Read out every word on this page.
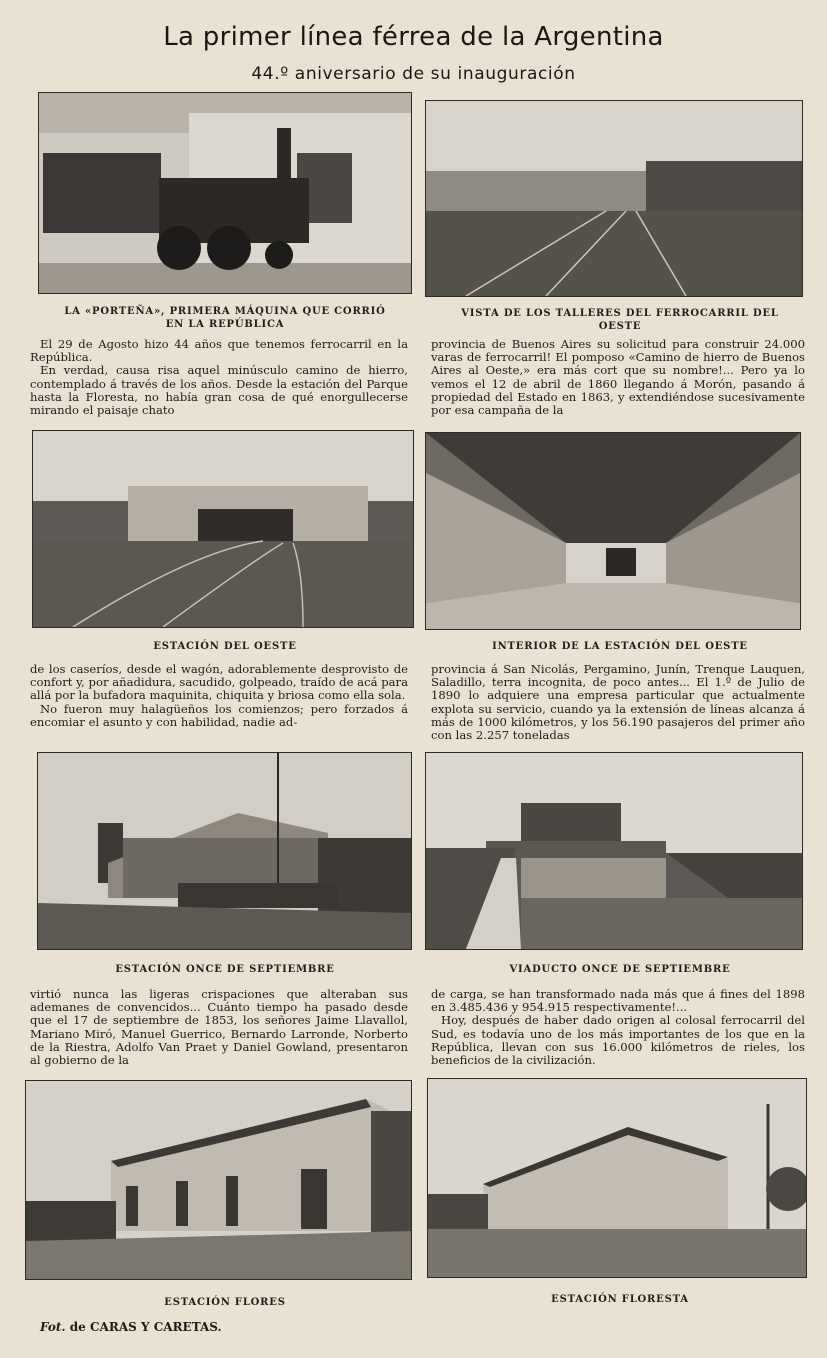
La primer línea férrea de la Argentina
44.º aniversario de su inauguración
LA «PORTEÑA», PRIMERA MÁQUINA QUE CORRIÓ EN LA REPÚBLICA
VISTA DE LOS TALLERES DEL FERROCARRIL DEL OESTE

El 29 de Agosto hizo 44 años que tenemos ferrocarril en la República.

En verdad, causa risa aquel minúsculo camino de hierro, contemplado á través de los años. Desde la estación del Parque hasta la Floresta, no había gran cosa de qué enorgullecerse mirando el paisaje chato

provincia de Buenos Aires su solicitud para construir 24.000 varas de ferrocarril! El pomposo «Camino de hierro de Buenos Aires al Oeste,» era más cort que su nombre!... Pero ya lo vemos el 12 de abril de 1860 llegando á Morón, pasando á propiedad del Estado en 1863, y extendiéndose sucesivamente por esa campaña de la

ESTACIÓN DEL OESTE	INTERIOR DE LA ESTACIÓN DEL OESTE

de los caseríos, desde el wagón, adorablemente desprovisto de confort y, por añadidura, sacudido, golpeado, traído de acá para allá por la bufadora maquinita, chiquita y briosa como ella sola.

No fueron muy halagüeños los comienzos; pero forzados á encomiar el asunto y con habilidad, nadie ad-

provincia á San Nicolás, Pergamino, Junín, Trenque Lauquen, Saladillo, terra incognita, de poco antes... El 1.º de Julio de 1890 lo adquiere una empresa particular que actualmente explota su servicio, cuando ya la extensión de líneas alcanza á más de 1000 kilómetros, y los 56.190 pasajeros del primer año con las 2.257 toneladas

ESTACIÓN ONCE DE SEPTIEMBRE	VIADUCTO ONCE DE SEPTIEMBRE

virtió nunca las ligeras crispaciones que alteraban sus ademanes de convencidos... Cuánto tiempo ha pasado desde que el 17 de septiembre de 1853, los señores Jaime Llavallol, Mariano Miró, Manuel Guerrico, Bernardo Larronde, Norberto de la Riestra, Adolfo Van Praet y Daniel Gowland, presentaron al gobierno de la

de carga, se han transformado nada más que á fines del 1898 en 3.485.436 y 954.915 respectivamente!...

Hoy, después de haber dado origen al colosal ferrocarril del Sud, es todavía uno de los más importantes de los que en la República, llevan con sus 16.000 kilómetros de rieles, los beneficios de la civilización.

ESTACIÓN FLORES	ESTACIÓN FLORESTA
Fot. de CARAS Y CARETAS.
